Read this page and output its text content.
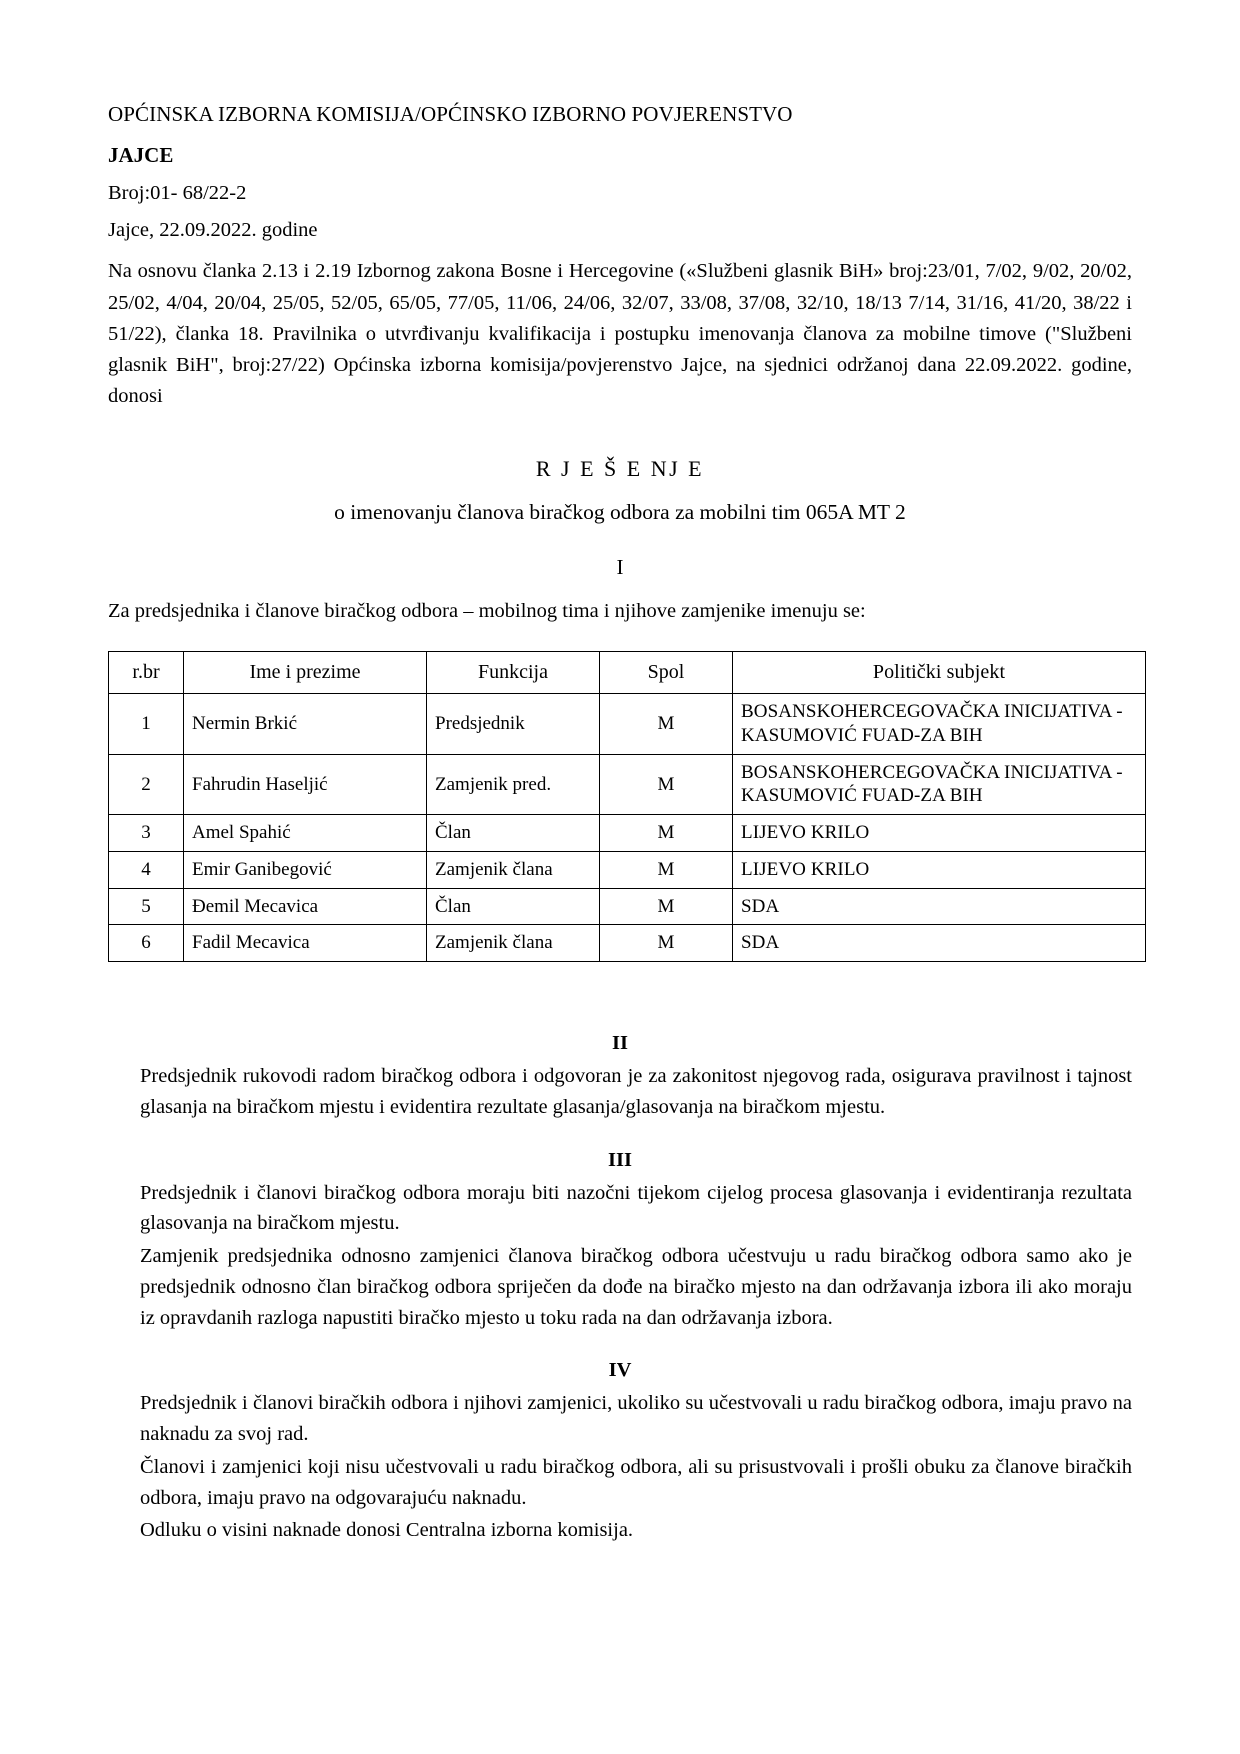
OPĆINSKA IZBORNA KOMISIJA/OPĆINSKO IZBORNO POVJERENSTVO
JAJCE
Broj:01- 68/22-2
Jajce, 22.09.2022. godine
Na osnovu članka 2.13 i 2.19 Izbornog zakona Bosne i Hercegovine («Službeni glasnik BiH» broj:23/01, 7/02, 9/02, 20/02, 25/02, 4/04, 20/04, 25/05, 52/05, 65/05, 77/05, 11/06, 24/06, 32/07, 33/08, 37/08, 32/10, 18/13 7/14, 31/16, 41/20, 38/22 i 51/22), članka 18. Pravilnika o utvrđivanju kvalifikacija i postupku imenovanja članova za mobilne timove ("Službeni glasnik BiH", broj:27/22) Općinska izborna komisija/povjerenstvo Jajce, na sjednici održanoj dana 22.09.2022. godine, donosi
R J E Š E NJ E
o imenovanju članova biračkog odbora za mobilni tim 065A MT 2
I
Za predsjednika i članove biračkog odbora – mobilnog tima i njihove zamjenike imenuju se:
r.br	Ime i prezime	Funkcija	Spol	Politički subjekt
1	Nermin Brkić	Predsjednik	M	BOSANSKOHERCEGOVAČKA INICIJATIVA -KASUMOVIĆ FUAD-ZA BIH
2	Fahrudin Haseljić	Zamjenik pred.	M	BOSANSKOHERCEGOVAČKA INICIJATIVA -KASUMOVIĆ FUAD-ZA BIH
3	Amel Spahić	Član	M	LIJEVO KRILO
4	Emir Ganibegović	Zamjenik člana	M	LIJEVO KRILO
5	Đemil Mecavica	Član	M	SDA
6	Fadil Mecavica	Zamjenik člana	M	SDA
II

Predsjednik rukovodi radom biračkog odbora i odgovoran je za zakonitost njegovog rada, osigurava pravilnost i tajnost glasanja na biračkom mjestu i evidentira rezultate glasanja/glasovanja na biračkom mjestu.

III

Predsjednik i članovi biračkog odbora moraju biti nazočni tijekom cijelog procesa glasovanja i evidentiranja rezultata glasovanja na biračkom mjestu.

Zamjenik predsjednika odnosno zamjenici članova biračkog odbora učestvuju u radu biračkog odbora samo ako je predsjednik odnosno član biračkog odbora spriječen da dođe na biračko mjesto na dan održavanja izbora ili ako moraju iz opravdanih razloga napustiti biračko mjesto u toku rada na dan održavanja izbora.

IV

Predsjednik i članovi biračkih odbora i njihovi zamjenici, ukoliko su učestvovali u radu biračkog odbora, imaju pravo na naknadu za svoj rad.

Članovi i zamjenici koji nisu učestvovali u radu biračkog odbora, ali su prisustvovali i prošli obuku za članove biračkih odbora, imaju pravo na odgovarajuću naknadu.

Odluku o visini naknade donosi Centralna izborna komisija.
